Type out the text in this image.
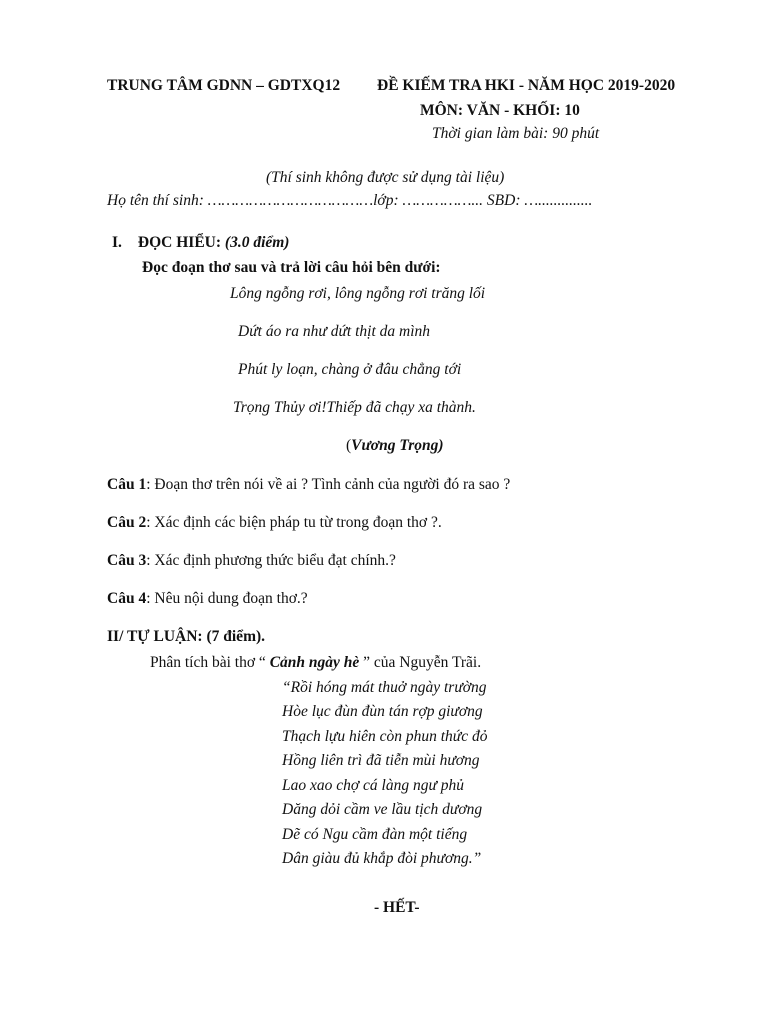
TRUNG TÂM GDNN – GDTXQ12 ĐỀ KIẾM TRA HKI - NĂM HỌC 2019-2020
MÔN: VĂN - KHỐI: 10
Thời gian làm bài: 90 phút
(Thí sinh không được sử dụng tài liệu)
Họ tên thí sinh: ………………………………lớp: ……………... SBD: …..............
I. ĐỌC HIỂU: (3.0 điểm)
Đọc đoạn thơ sau và trả lời câu hỏi bên dưới:
Lông ngỗng rơi, lông ngỗng rơi trăng lối
Dứt áo ra như dứt thịt da mình
Phút ly loạn, chàng ở đâu chẳng tới
Trọng Thủy ơi!Thiếp đã chạy xa thành.
(Vương Trọng)
Câu 1: Đoạn thơ trên nói về ai ? Tình cảnh của người đó ra sao ?
Câu 2: Xác định các biện pháp tu từ trong đoạn thơ ?.
Câu 3: Xác định phương thức biểu đạt chính.?
Câu 4: Nêu nội dung đoạn thơ.?
II/ TỰ LUẬN: (7 điểm).
Phân tích bài thơ “ Cảnh ngày hè ” của Nguyễn Trãi.
“Rồi hóng mát thuở ngày trường
Hòe lục đùn đùn tán rợp giương
Thạch lựu hiên còn phun thức đỏ
Hồng liên trì đã tiễn mùi hương
Lao xao chợ cá làng ngư phủ
Dăng dỏi cầm ve lầu tịch dương
Dẽ có Ngu cầm đàn một tiếng
Dân giàu đủ khắp đòi phương.”
- HẾT-
